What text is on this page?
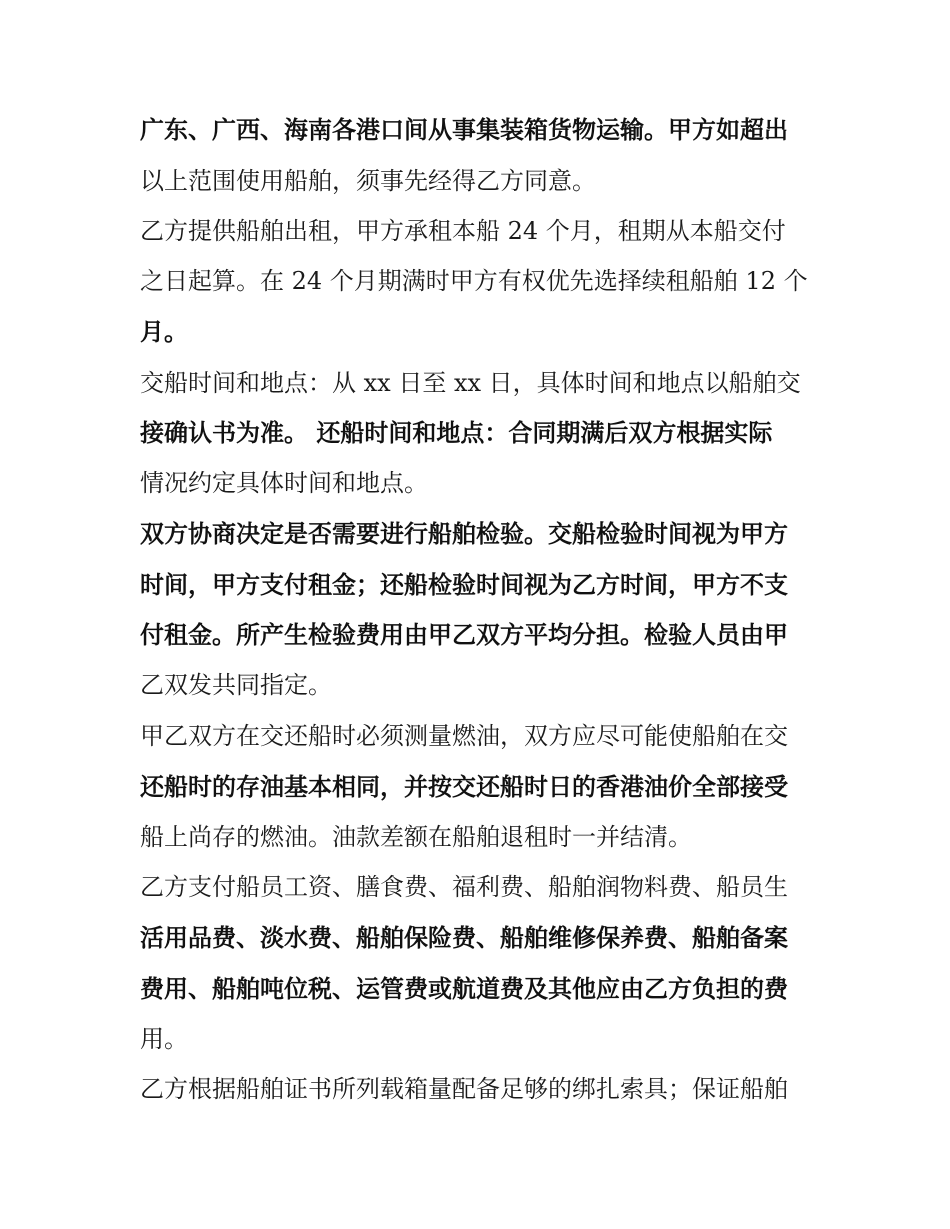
广东、广西、海南各港口间从事集装箱货物运输。甲方如超出
以上范围使用船舶，须事先经得乙方同意。
乙方提供船舶出租，甲方承租本船 24 个月，租期从本船交付
之日起算。在 24 个月期满时甲方有权优先选择续租船舶 12 个
月。
交船时间和地点：从 xx 日至 xx 日，具体时间和地点以船舶交
接确认书为准。 还船时间和地点：合同期满后双方根据实际
情况约定具体时间和地点。
双方协商决定是否需要进行船舶检验。交船检验时间视为甲方
时间，甲方支付租金；还船检验时间视为乙方时间，甲方不支
付租金。所产生检验费用由甲乙双方平均分担。检验人员由甲
乙双发共同指定。
甲乙双方在交还船时必须测量燃油，双方应尽可能使船舶在交
还船时的存油基本相同，并按交还船时日的香港油价全部接受
船上尚存的燃油。油款差额在船舶退租时一并结清。
乙方支付船员工资、膳食费、福利费、船舶润物料费、船员生
活用品费、淡水费、船舶保险费、船舶维修保养费、船舶备案
费用、船舶吨位税、运管费或航道费及其他应由乙方负担的费
用。
乙方根据船舶证书所列载箱量配备足够的绑扎索具；保证船舶
